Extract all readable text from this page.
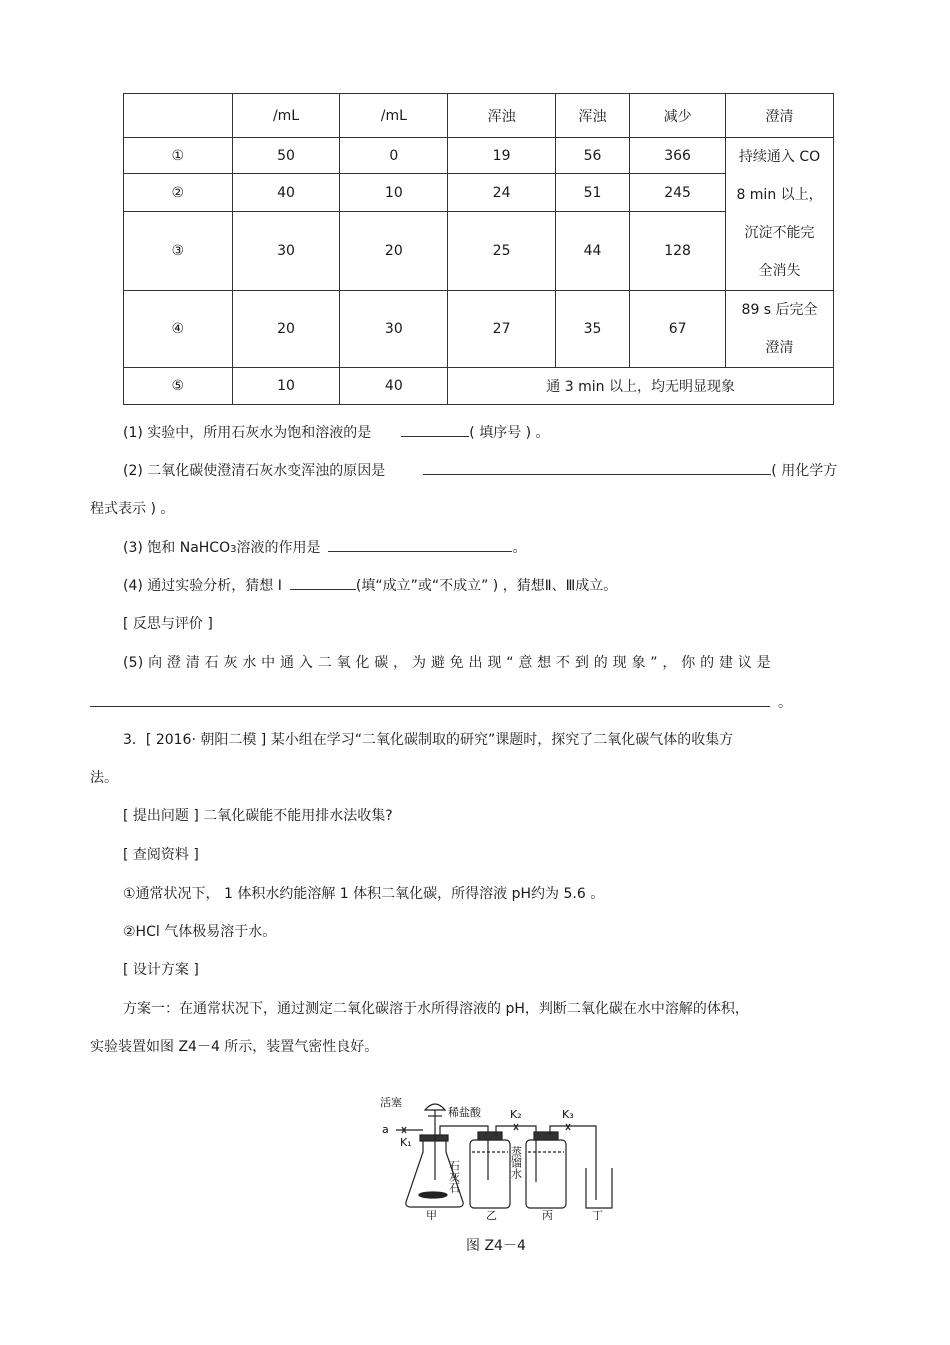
	/mL	/mL	浑浊	浑浊	减少	澄清
①	50	0	19	56	366	持续通入 CO
8 min 以上，
沉淀不能完
全消失

②	40	10	24	51	245	
③	30	20	25	44	128	
④	20	30	27	35	67	89 s 后完全
澄清

⑤	10	40	通 3 min 以上，均无明显现象			
(1) 实验中，所用石灰水为饱和溶液的是	( 填序号 ) 。
(2) 二氧化碳使澄清石灰水变浑浊的原因是	( 用化学方
程式表示 ) 。
(3) 饱和 NaHCO3溶液的作用是	。
(4) 通过实验分析，猜想 I	(填“成立”或“不成立” ) ，猜想Ⅱ、Ⅲ成立。
[ 反思与评价 ]
(5) 向 澄 清 石 灰 水 中 通 入 二 氧 化 碳 ， 为 避 免 出 现 “ 意 想 不 到 的 现 象 ” ， 你 的 建 议 是
。
3．[ 2016· 朝阳二模 ] 某小组在学习“二氧化碳制取的研究”课题时，探究了二氧化碳气体的收集方
法。
[ 提出问题 ] 二氧化碳能不能用排水法收集?
[ 查阅资料 ]
①通常状况下， 1 体积水约能溶解 1 体积二氧化碳，所得溶液 pH约为 5.6 。
②HCl 气体极易溶于水。
[ 设计方案 ]
方案一：在通常状况下，通过测定二氧化碳溶于水所得溶液的 pH，判断二氧化碳在水中溶解的体积，
实验装置如图 Z4－4 所示，装置气密性良好。
活塞
稀盐酸
a
K₁
K₂	K₃
石灰石	蒸馏水
甲	乙	丙	丁
图 Z4－4
